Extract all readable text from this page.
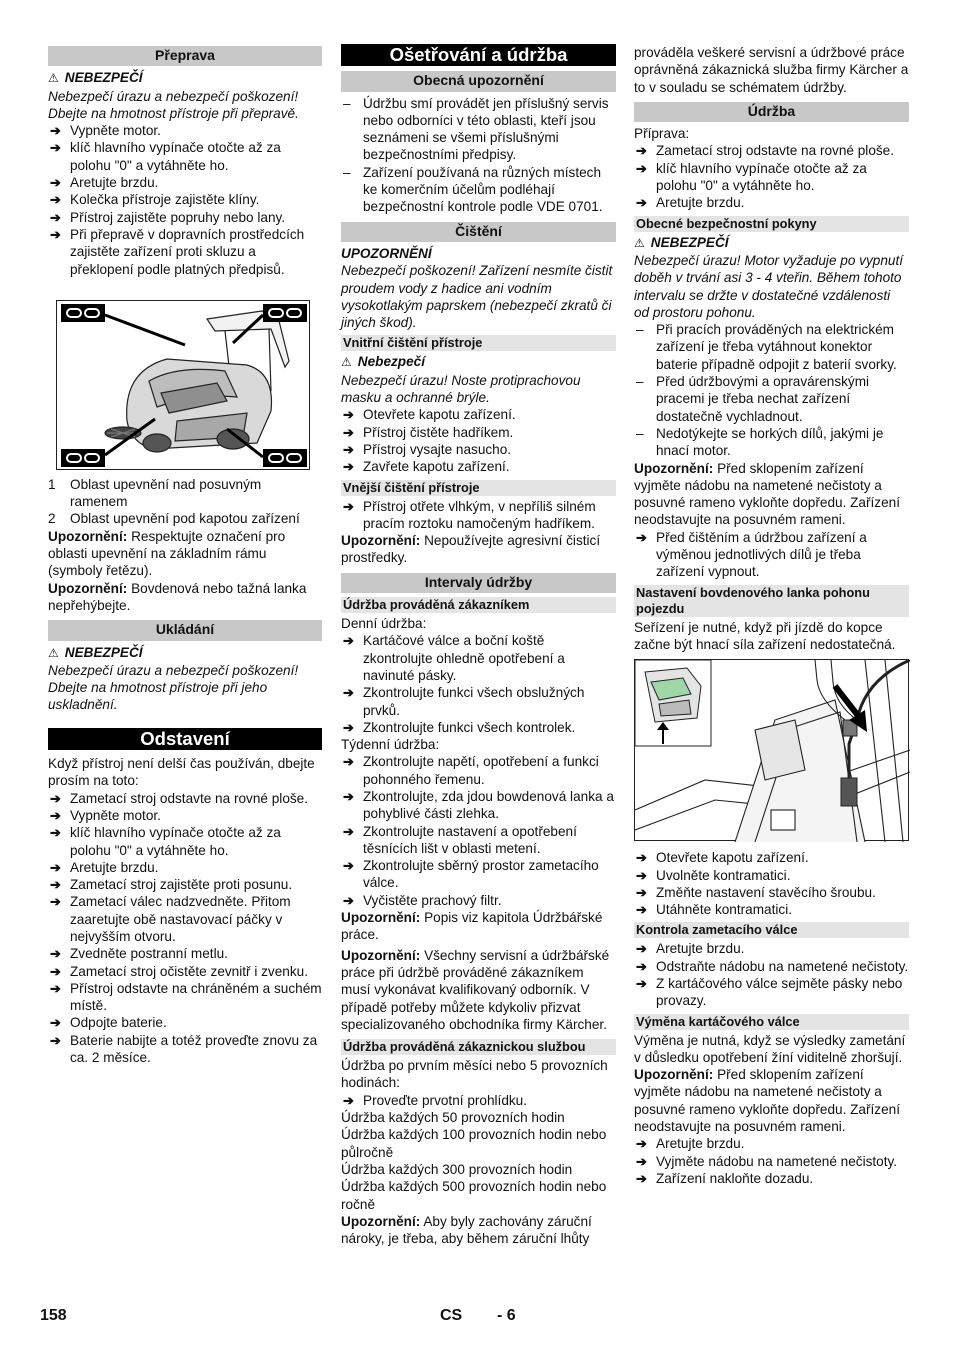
Přeprava
⚠ NEBEZPEČÍ
Nebezpečí úrazu a nebezpečí poškození! Dbejte na hmotnost přístroje při přepravě.
➔ Vypněte motor.
➔ klíč hlavního vypínače otočte až za polohu "0" a vytáhněte ho.
➔ Aretujte brzdu.
➔ Kolečka přístroje zajistěte klíny.
➔ Přístroj zajistěte popruhy nebo lany.
➔ Při přepravě v dopravních prostředcích zajistěte zařízení proti skluzu a překlopení podle platných předpisů.
1 Oblast upevnění nad posuvným ramenem
2 Oblast upevnění pod kapotou zařízení
Upozornění: Respektujte označení pro oblasti upevnění na základním rámu (symboly řetězu).
Upozornění: Bovdenová nebo tažná lanka nepřehýbejte.
Ukládání
⚠ NEBEZPEČÍ
Nebezpečí úrazu a nebezpečí poškození! Dbejte na hmotnost přístroje při jeho uskladnění.
Odstavení
Když přístroj není delší čas používán, dbejte prosím na toto:
➔ Zametací stroj odstavte na rovné ploše.
➔ Vypněte motor.
➔ klíč hlavního vypínače otočte až za polohu "0" a vytáhněte ho.
➔ Aretujte brzdu.
➔ Zametací stroj zajistěte proti posunu.
➔ Zametací válec nadzvedněte. Přitom zaaretujte obě nastavovací páčky v nejvyšším otvoru.
➔ Zvedněte postranní metlu.
➔ Zametací stroj očistěte zevnitř i zvenku.
➔ Přístroj odstavte na chráněném a suchém místě.
➔ Odpojte baterie.
➔ Baterie nabijte a totéž proveďte znovu za ca. 2 měsíce.
Ošetřování a údržba
Obecná upozornění
– Údržbu smí provádět jen příslušný servis nebo odborníci v této oblasti, kteří jsou seznámeni se všemi příslušnými bezpečnostními předpisy.
– Zařízení používaná na různých místech ke komerčním účelům podléhají bezpečnostní kontrole podle VDE 0701.
Čištění
UPOZORNĚNÍ
Nebezpečí poškození! Zařízení nesmíte čistit proudem vody z hadice ani vodním vysokotlakým paprskem (nebezpečí zkratů či jiných škod).
Vnitřní čištění přístroje
⚠ Nebezpečí
Nebezpečí úrazu! Noste protiprachovou masku a ochranné brýle.
➔ Otevřete kapotu zařízení.
➔ Přístroj čistěte hadříkem.
➔ Přístroj vysajte nasucho.
➔ Zavřete kapotu zařízení.
Vnější čištění přístroje
➔ Přístroj otřete vlhkým, v nepříliš silném pracím roztoku namočeným hadříkem.
Upozornění: Nepoužívejte agresivní čisticí prostředky.
Intervaly údržby
Údržba prováděná zákazníkem
Denní údržba:
➔ Kartáčové válce a boční koště zkontrolujte ohledně opotřebení a navinuté pásky.
➔ Zkontrolujte funkci všech obslužných prvků.
➔ Zkontrolujte funkci všech kontrolek.
Týdenní údržba:
➔ Zkontrolujte napětí, opotřebení a funkci pohonného řemenu.
➔ Zkontrolujte, zda jdou bowdenová lanka a pohyblivé části zlehka.
➔ Zkontrolujte nastavení a opotřebení těsnících lišt v oblasti metení.
➔ Zkontrolujte sběrný prostor zametacího válce.
➔ Vyčistěte prachový filtr.
Upozornění: Popis viz kapitola Údržbářské práce.
Upozornění: Všechny servisní a údržbářské práce při údržbě prováděné zákazníkem musí vykonávat kvalifikovaný odborník. V případě potřeby můžete kdykoliv přizvat specializovaného obchodníka firmy Kärcher.
Údržba prováděná zákaznickou službou
Údržba po prvním měsíci nebo 5 provozních hodinách:
➔ Proveďte prvotní prohlídku.
Údržba každých 50 provozních hodin
Údržba každých 100 provozních hodin nebo půlročně
Údržba každých 300 provozních hodin
Údržba každých 500 provozních hodin nebo ročně
Upozornění: Aby byly zachovány záruční nároky, je třeba, aby během záruční lhůty
prováděla veškeré servisní a údržbové práce oprávněná zákaznická služba firmy Kärcher a to v souladu se schématem údržby.
Údržba
Příprava:
➔ Zametací stroj odstavte na rovné ploše.
➔ klíč hlavního vypínače otočte až za polohu "0" a vytáhněte ho.
➔ Aretujte brzdu.
Obecné bezpečnostní pokyny
⚠ NEBEZPEČÍ
Nebezpečí úrazu! Motor vyžaduje po vypnutí doběh v trvání asi 3 - 4 vteřin. Během tohoto intervalu se držte v dostatečné vzdálenosti od prostoru pohonu.
– Při pracích prováděných na elektrickém zařízení je třeba vytáhnout konektor baterie případně odpojit z baterií svorky.
– Před údržbovými a opravárenskými pracemi je třeba nechat zařízení dostatečně vychladnout.
– Nedotýkejte se horkých dílů, jakými je hnací motor.
Upozornění: Před sklopením zařízení vyjměte nádobu na nametené nečistoty a posuvné rameno vykloňte dopředu. Zařízení neodstavujte na posuvném rameni.
➔ Před čištěním a údržbou zařízení a výměnou jednotlivých dílů je třeba zařízení vypnout.
Nastavení bovdenového lanka pohonu pojezdu
Seřízení je nutné, když při jízdě do kopce začne být hnací síla zařízení nedostatečná.
➔ Otevřete kapotu zařízení.
➔ Uvolněte kontramatici.
➔ Změňte nastavení stavěcího šroubu.
➔ Utáhněte kontramatici.
Kontrola zametacího válce
➔ Aretujte brzdu.
➔ Odstraňte nádobu na nametené nečistoty.
➔ Z kartáčového válce sejměte pásky nebo provazy.
Výměna kartáčového válce
Výměna je nutná, když se výsledky zametání v důsledku opotřebení žíní viditelně zhoršují.
Upozornění: Před sklopením zařízení vyjměte nádobu na nametené nečistoty a posuvné rameno vykloňte dopředu. Zařízení neodstavujte na posuvném rameni.
➔ Aretujte brzdu.
➔ Vyjměte nádobu na nametené nečistoty.
➔ Zařízení nakloňte dozadu.
158	CS - 6
